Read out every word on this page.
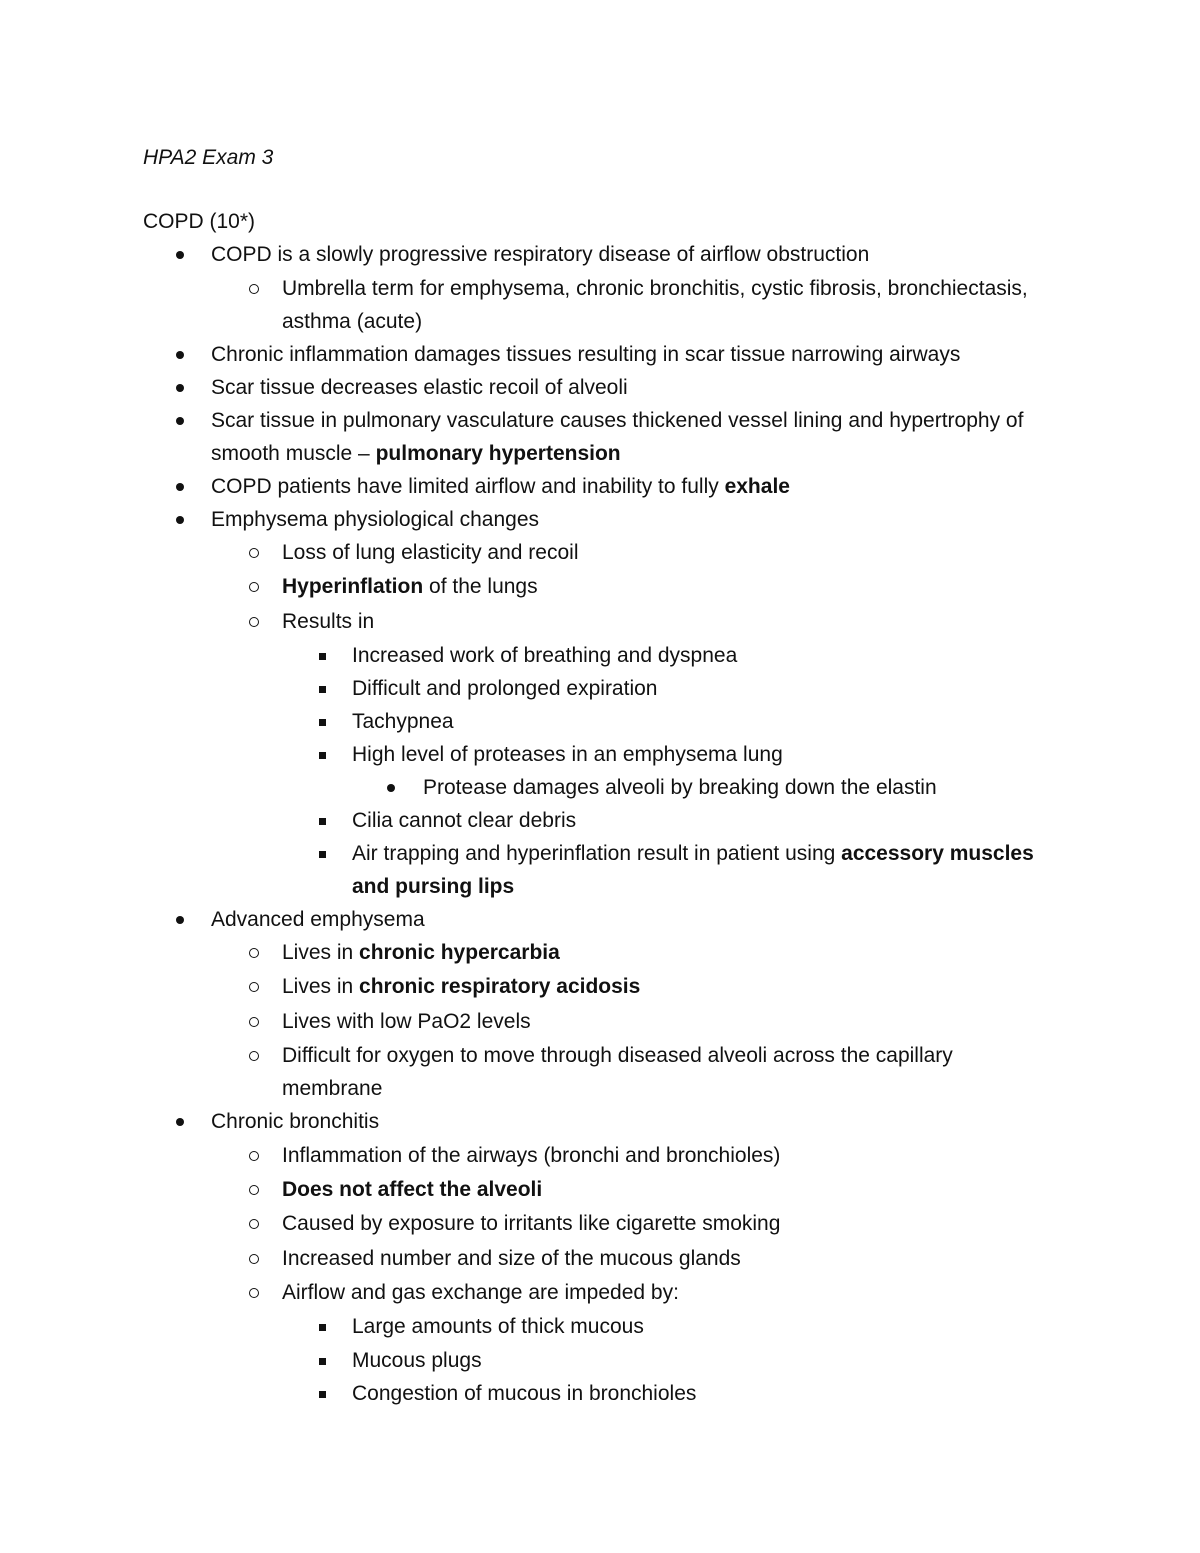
HPA2 Exam 3
COPD (10*)
COPD is a slowly progressive respiratory disease of airflow obstruction
Umbrella term for emphysema, chronic bronchitis, cystic fibrosis, bronchiectasis,
asthma (acute)
Chronic inflammation damages tissues resulting in scar tissue narrowing airways
Scar tissue decreases elastic recoil of alveoli
Scar tissue in pulmonary vasculature causes thickened vessel lining and hypertrophy of
smooth muscle – pulmonary hypertension
COPD patients have limited airflow and inability to fully exhale
Emphysema physiological changes
Loss of lung elasticity and recoil
Hyperinflation of the lungs
Results in
Increased work of breathing and dyspnea
Difficult and prolonged expiration
Tachypnea
High level of proteases in an emphysema lung
Protease damages alveoli by breaking down the elastin
Cilia cannot clear debris
Air trapping and hyperinflation result in patient using accessory muscles
and pursing lips
Advanced emphysema
Lives in chronic hypercarbia
Lives in chronic respiratory acidosis
Lives with low PaO2 levels
Difficult for oxygen to move through diseased alveoli across the capillary
membrane
Chronic bronchitis
Inflammation of the airways (bronchi and bronchioles)
Does not affect the alveoli
Caused by exposure to irritants like cigarette smoking
Increased number and size of the mucous glands
Airflow and gas exchange are impeded by:
Large amounts of thick mucous
Mucous plugs
Congestion of mucous in bronchioles
